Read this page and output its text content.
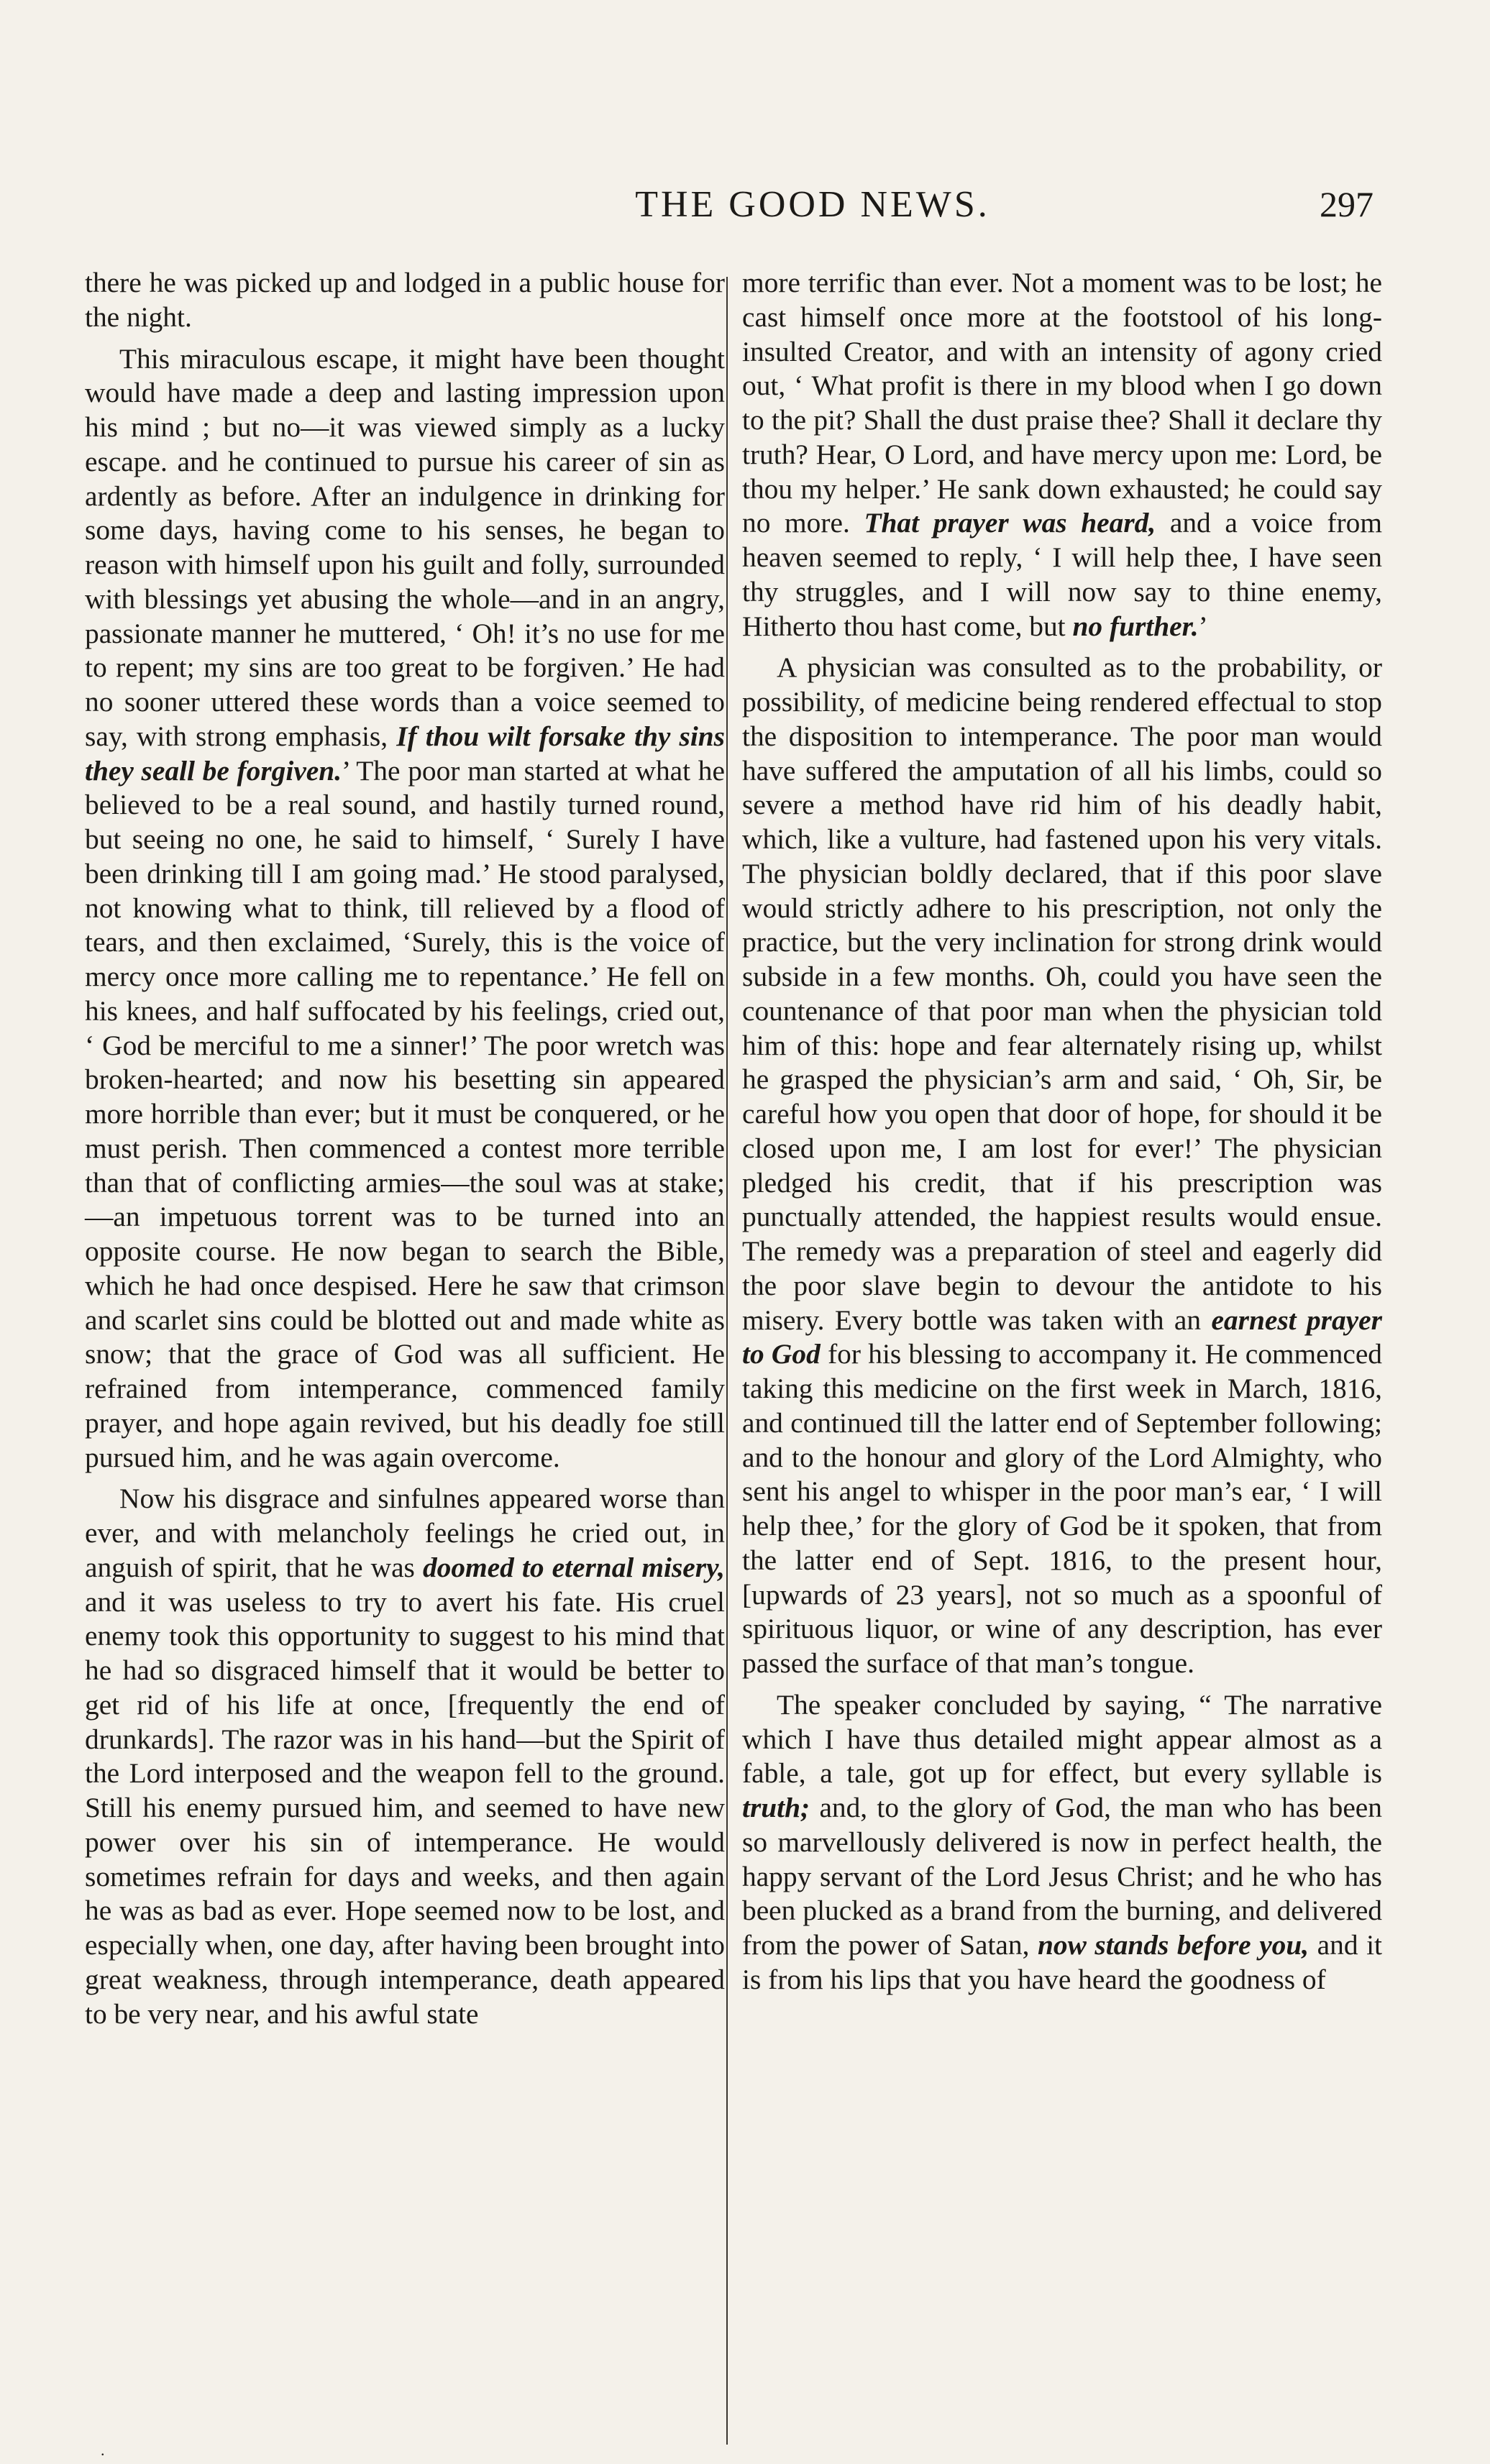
THE GOOD NEWS.	297

there he was picked up and lodged in a public house for the night.

This miraculous escape, it might have been thought would have made a deep and lasting impression upon his mind ; but no—it was viewed simply as a lucky escape. and he continued to pursue his career of sin as ardently as before. After an indulgence in drinking for some days, having come to his senses, he began to reason with himself upon his guilt and folly, surrounded with blessings yet abusing the whole—and in an angry, passionate manner he muttered, ‘ Oh! it’s no use for me to repent; my sins are too great to be forgiven.’ He had no sooner uttered these words than a voice seemed to say, with strong emphasis, If thou wilt forsake thy sins they seall be forgiven.’ The poor man started at what he believed to be a real sound, and hastily turned round, but seeing no one, he said to himself, ‘ Surely I have been drinking till I am going mad.’ He stood paralysed, not knowing what to think, till relieved by a flood of tears, and then exclaimed, ‘Surely, this is the voice of mercy once more calling me to repentance.’ He fell on his knees, and half suffocated by his feelings, cried out, ‘ God be merciful to me a sinner!’ The poor wretch was broken-hearted; and now his besetting sin appeared more horrible than ever; but it must be conquered, or he must perish. Then commenced a contest more terrible than that of conflicting armies—the soul was at stake; —an impetuous torrent was to be turned into an opposite course. He now began to search the Bible, which he had once despised. Here he saw that crimson and scarlet sins could be blotted out and made white as snow; that the grace of God was all sufficient. He refrained from intemperance, commenced family prayer, and hope again revived, but his deadly foe still pursued him, and he was again overcome.

Now his disgrace and sinfulnes appeared worse than ever, and with melancholy feelings he cried out, in anguish of spirit, that he was doomed to eternal misery, and it was useless to try to avert his fate. His cruel enemy took this opportunity to suggest to his mind that he had so disgraced himself that it would be better to get rid of his life at once, [frequently the end of drunkards]. The razor was in his hand—but the Spirit of the Lord interposed and the weapon fell to the ground. Still his enemy pursued him, and seemed to have new power over his sin of intemperance. He would sometimes refrain for days and weeks, and then again he was as bad as ever. Hope seemed now to be lost, and especially when, one day, after having been brought into great weakness, through intemperance, death appeared to be very near, and his awful state

more terrific than ever. Not a moment was to be lost; he cast himself once more at the footstool of his long-insulted Creator, and with an intensity of agony cried out, ‘ What profit is there in my blood when I go down to the pit? Shall the dust praise thee? Shall it declare thy truth? Hear, O Lord, and have mercy upon me: Lord, be thou my helper.’ He sank down exhausted; he could say no more. That prayer was heard, and a voice from heaven seemed to reply, ‘ I will help thee, I have seen thy struggles, and I will now say to thine enemy, Hitherto thou hast come, but no further.’

A physician was consulted as to the probability, or possibility, of medicine being rendered effectual to stop the disposition to intemperance. The poor man would have suffered the amputation of all his limbs, could so severe a method have rid him of his deadly habit, which, like a vulture, had fastened upon his very vitals. The physician boldly declared, that if this poor slave would strictly adhere to his prescription, not only the practice, but the very inclination for strong drink would subside in a few months. Oh, could you have seen the countenance of that poor man when the physician told him of this: hope and fear alternately rising up, whilst he grasped the physician’s arm and said, ‘ Oh, Sir, be careful how you open that door of hope, for should it be closed upon me, I am lost for ever!’ The physician pledged his credit, that if his prescription was punctually attended, the happiest results would ensue. The remedy was a preparation of steel and eagerly did the poor slave begin to devour the antidote to his misery. Every bottle was taken with an earnest prayer to God for his blessing to accompany it. He commenced taking this medicine on the first week in March, 1816, and continued till the latter end of September following; and to the honour and glory of the Lord Almighty, who sent his angel to whisper in the poor man’s ear, ‘ I will help thee,’ for the glory of God be it spoken, that from the latter end of Sept. 1816, to the present hour, [upwards of 23 years], not so much as a spoonful of spirituous liquor, or wine of any description, has ever passed the surface of that man’s tongue.

The speaker concluded by saying, “ The narrative which I have thus detailed might appear almost as a fable, a tale, got up for effect, but every syllable is truth; and, to the glory of God, the man who has been so marvellously delivered is now in perfect health, the happy servant of the Lord Jesus Christ; and he who has been plucked as a brand from the burning, and delivered from the power of Satan, now stands before you, and it is from his lips that you have heard the goodness of

.
